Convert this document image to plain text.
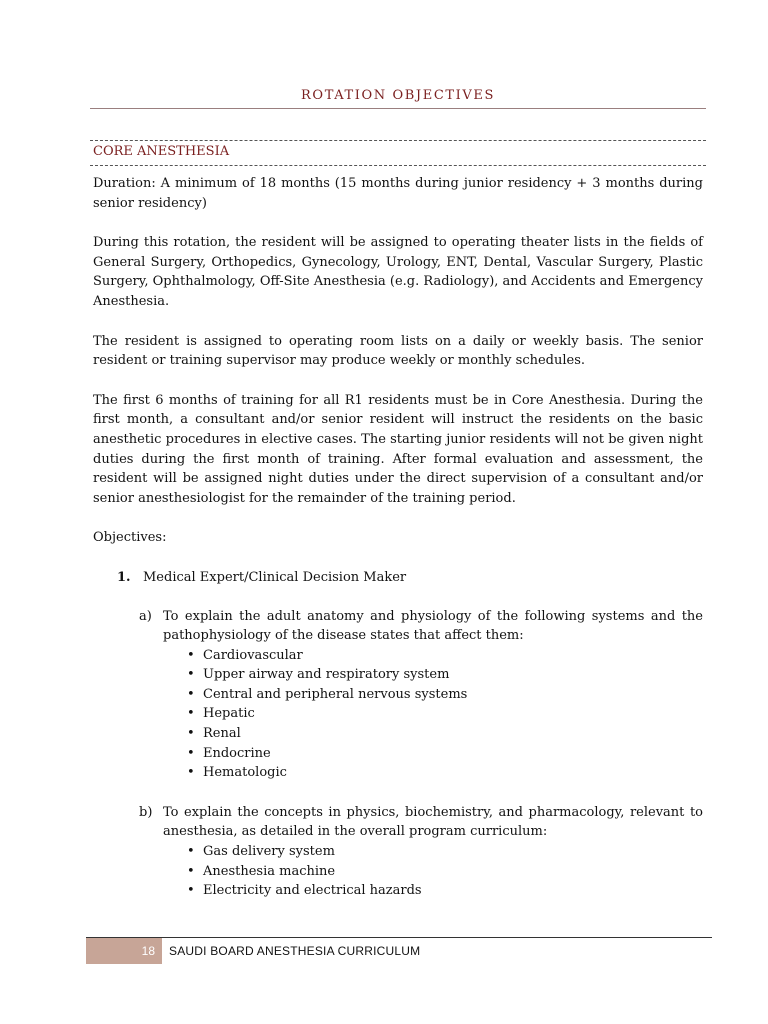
ROTATION OBJECTIVES
CORE ANESTHESIA

Duration: A minimum of 18 months (15 months during junior residency + 3 months during senior residency)

During this rotation, the resident will be assigned to operating theater lists in the fields of General Surgery, Orthopedics, Gynecology, Urology, ENT, Dental, Vascular Surgery, Plastic Surgery, Ophthalmology, Off-Site Anesthesia (e.g. Radiology), and Accidents and Emergency Anesthesia.

The resident is assigned to operating room lists on a daily or weekly basis. The senior resident or training supervisor may produce weekly or monthly schedules.

The first 6 months of training for all R1 residents must be in Core Anesthesia. During the first month, a consultant and/or senior resident will instruct the residents on the basic anesthetic procedures in elective cases. The starting junior residents will not be given night duties during the first month of training. After formal evaluation and assessment, the resident will be assigned night duties under the direct supervision of a consultant and/or senior anesthesiologist for the remainder of the training period.

Objectives:

1. Medical Expert/Clinical Decision Maker
a) To explain the adult anatomy and physiology of the following systems and the pathophysiology of the disease states that affect them:
• Cardiovascular
• Upper airway and respiratory system
• Central and peripheral nervous systems
• Hepatic
• Renal
• Endocrine
• Hematologic
b) To explain the concepts in physics, biochemistry, and pharmacology, relevant to anesthesia, as detailed in the overall program curriculum:
• Gas delivery system
• Anesthesia machine
• Electricity and electrical hazards
18	SAUDI BOARD ANESTHESIA CURRICULUM
